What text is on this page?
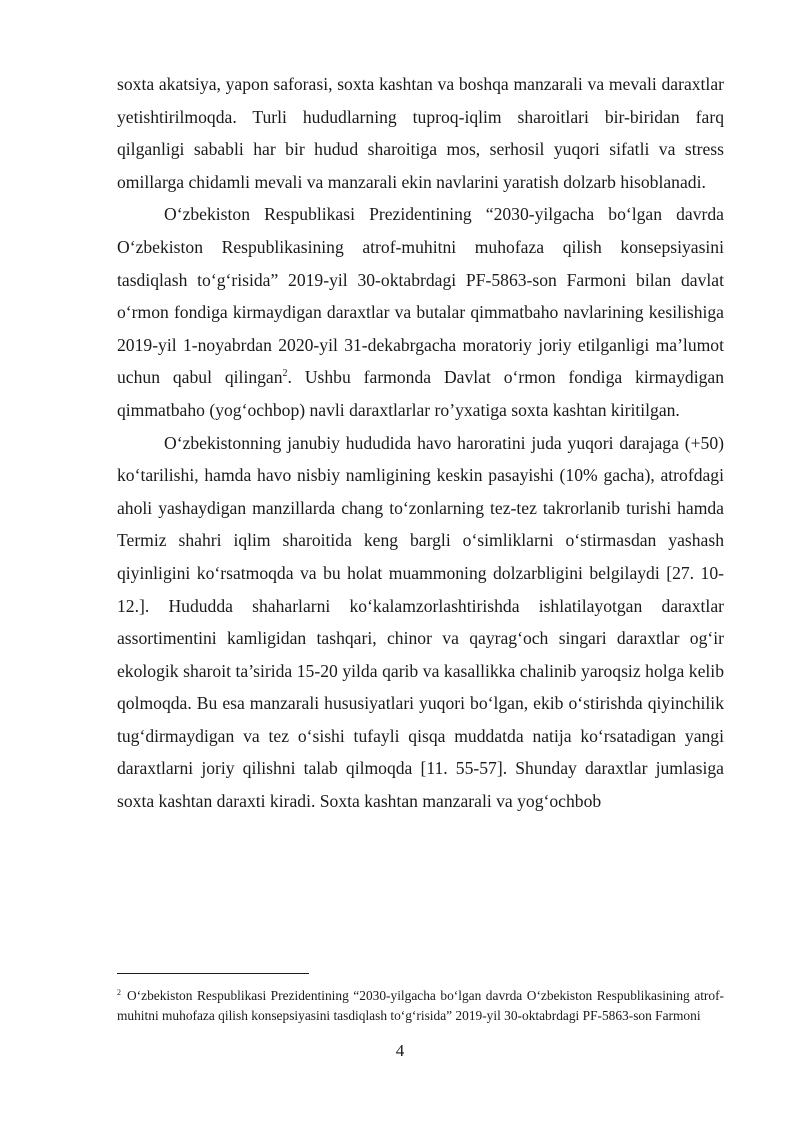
soxta akatsiya, yapon saforasi, soxta kashtan va boshqa manzarali va mevali daraxtlar yetishtirilmoqda. Turli hududlarning tuproq-iqlim sharoitlari bir-biridan farq qilganligi sababli har bir hudud sharoitiga mos, serhosil yuqori sifatli va stress omillarga chidamli mevali va manzarali ekin navlarini yaratish dolzarb hisoblanadi.

O‘zbekiston Respublikasi Prezidentining “2030-yilgacha bo‘lgan davrda O‘zbekiston Respublikasining atrof-muhitni muhofaza qilish konsepsiyasini tasdiqlash to‘g‘risida” 2019-yil 30-oktabrdagi PF-5863-son Farmoni bilan davlat o‘rmon fondiga kirmaydigan daraxtlar va butalar qimmatbaho navlarining kesilishiga 2019-yil 1-noyabrdan 2020-yil 31-dekabrgacha moratoriy joriy etilganligi ma’lumot uchun qabul qilingan$^2$. Ushbu farmonda Davlat o‘rmon fondiga kirmaydigan qimmatbaho (yog‘ochbop) navli daraxtlarlar ro’yxatiga soxta kashtan kiritilgan.

O‘zbekistonning janubiy hududida havo haroratini juda yuqori darajaga (+50) ko‘tarilishi, hamda havo nisbiy namligining keskin pasayishi (10% gacha), atrofdagi aholi yashaydigan manzillarda chang to‘zonlarning tez-tez takrorlanib turishi hamda Termiz shahri iqlim sharoitida keng bargli o‘simliklarni o‘stirmasdan yashash qiyinligini ko‘rsatmoqda va bu holat muammoning dolzarbligini belgilaydi [27. 10-12.]. Hududda shaharlarni ko‘kalamzorlashtirishda ishlatilayotgan daraxtlar assortimentini kamligidan tashqari, chinor va qayrag‘och singari daraxtlar og‘ir ekologik sharoit ta’sirida 15-20 yilda qarib va kasallikka chalinib yaroqsiz holga kelib qolmoqda. Bu esa manzarali hususiyatlari yuqori bo‘lgan, ekib o‘stirishda qiyinchilik tug‘dirmaydigan va tez o‘sishi tufayli qisqa muddatda natija ko‘rsatadigan yangi daraxtlarni joriy qilishni talab qilmoqda [11. 55-57]. Shunday daraxtlar jumlasiga soxta kashtan daraxti kiradi. Soxta kashtan manzarali va yog‘ochbob

$^2$ O‘zbekiston Respublikasi Prezidentining “2030-yilgacha bo‘lgan davrda O‘zbekiston Respublikasining atrof-muhitni muhofaza qilish konsepsiyasini tasdiqlash to‘g‘risida” 2019-yil 30-oktabrdagi PF-5863-son Farmoni

4
